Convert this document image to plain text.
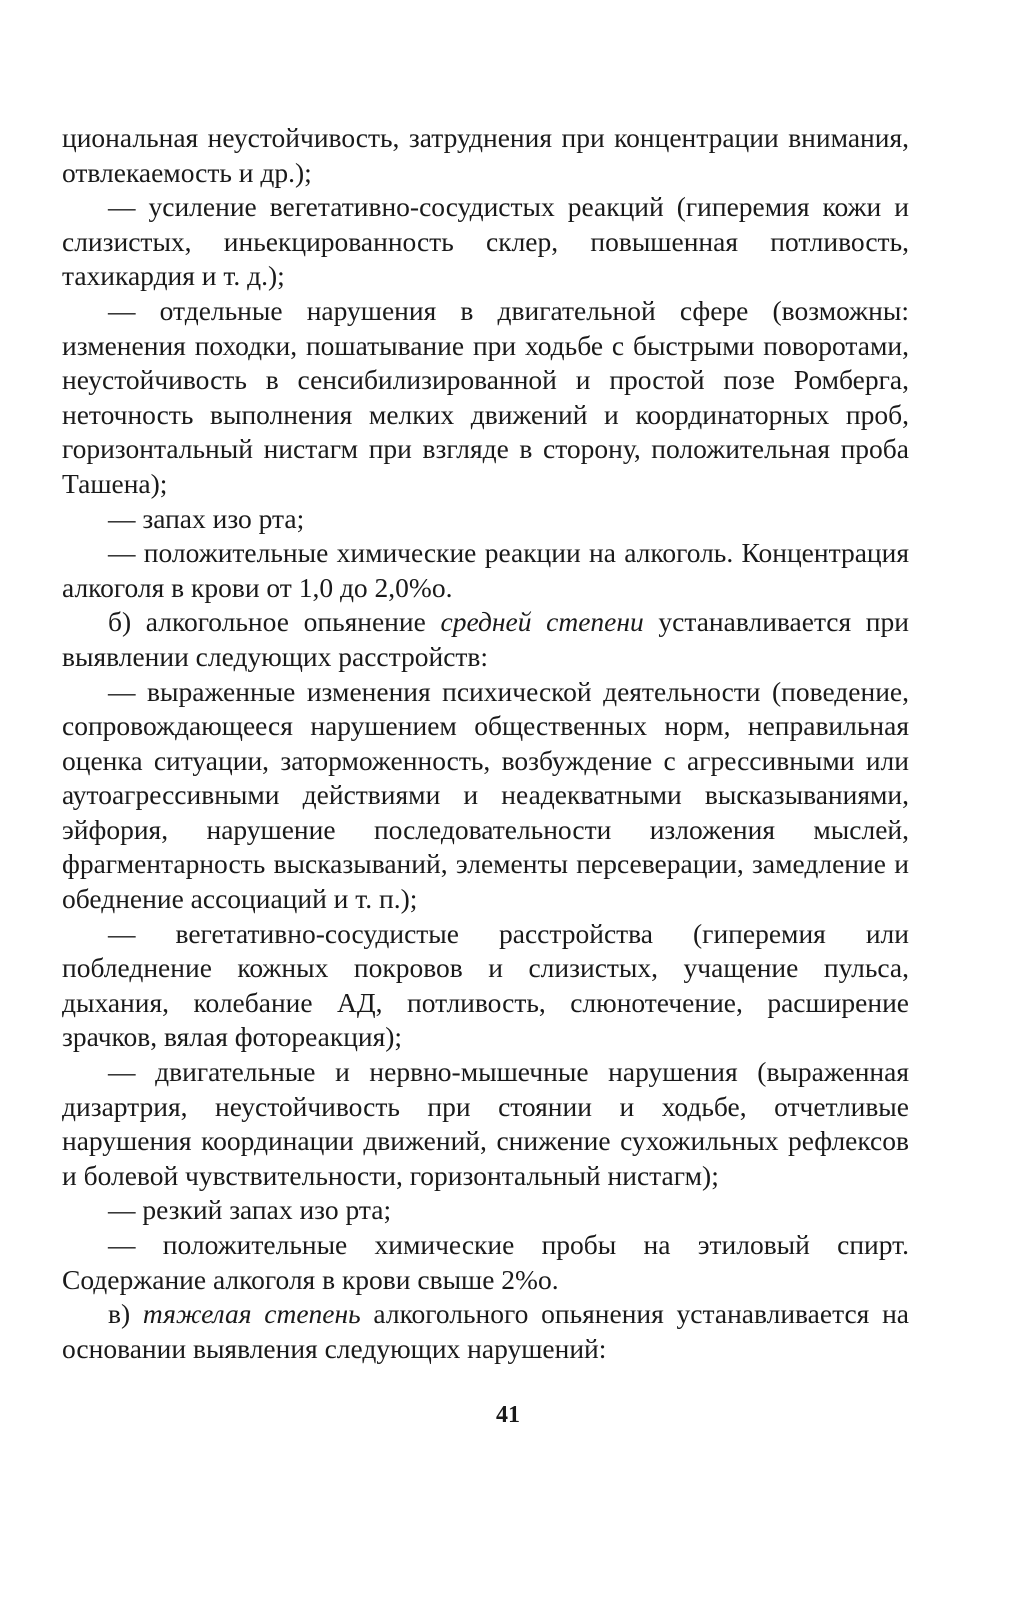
циональная неустойчивость, затруднения при концентрации внимания, отвлекаемость и др.);

— усиление вегетативно-сосудистых реакций (гиперемия кожи и слизистых, иньекцированность склер, повышенная потливость, тахикардия и т. д.);

— отдельные нарушения в двигательной сфере (возможны: изменения походки, пошатывание при ходьбе с быстрыми поворотами, неустойчивость в сенсибилизированной и простой позе Ромберга, неточность выполнения мелких движений и координаторных проб, горизонтальный нистагм при взгляде в сторону, положительная проба Ташена);

— запах изо рта;

— положительные химические реакции на алкоголь. Концентрация алкоголя в крови от 1,0 до 2,0%о.

б) алкогольное опьянение средней степени устанавливается при выявлении следующих расстройств:

— выраженные изменения психической деятельности (поведение, сопровождающееся нарушением общественных норм, неправильная оценка ситуации, заторможенность, возбуждение с агрессивными или аутоагрессивными действиями и неадекватными высказываниями, эйфория, нарушение последовательности изложения мыслей, фрагментарность высказываний, элементы персеверации, замедление и обеднение ассоциаций и т. п.);

— вегетативно-сосудистые расстройства (гиперемия или побледнение кожных покровов и слизистых, учащение пульса, дыхания, колебание АД, потливость, слюнотечение, расширение зрачков, вялая фотореакция);

— двигательные и нервно-мышечные нарушения (выраженная дизартрия, неустойчивость при стоянии и ходьбе, отчетливые нарушения координации движений, снижение сухожильных рефлексов и болевой чувствительности, горизонтальный нистагм);

— резкий запах изо рта;

— положительные химические пробы на этиловый спирт. Содержание алкоголя в крови свыше 2%о.

в) тяжелая степень алкогольного опьянения устанавливается на основании выявления следующих нарушений:

41
